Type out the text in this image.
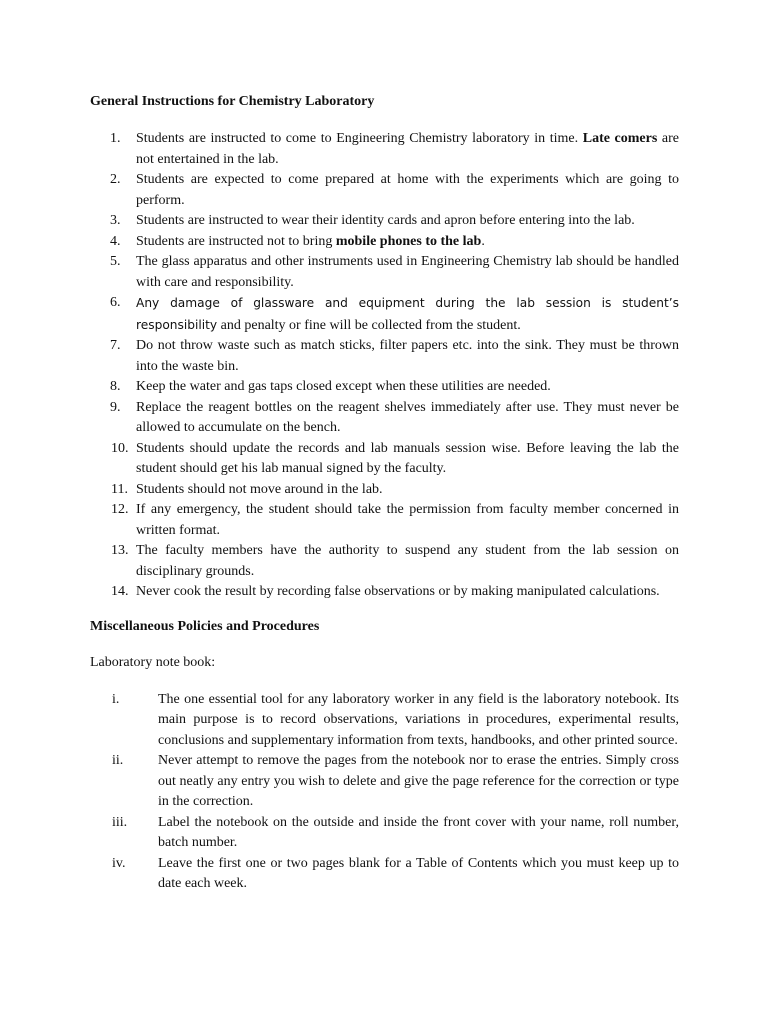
General Instructions for Chemistry Laboratory

1.	Students are instructed to come to Engineering Chemistry laboratory in time. Late comers are not entertained in the lab.
2.	Students are expected to come prepared at home with the experiments which are going to perform.
3.	Students are instructed to wear their identity cards and apron before entering into the lab.
4.	Students are instructed not to bring mobile phones to the lab.
5.	The glass apparatus and other instruments used in Engineering Chemistry lab should be handled with care and responsibility.
6.	Any damage of glassware and equipment during the lab session is student’s responsibility and penalty or fine will be collected from the student.
7.	Do not throw waste such as match sticks, filter papers etc. into the sink. They must be thrown into the waste bin.
8.	Keep the water and gas taps closed except when these utilities are needed.
9.	Replace the reagent bottles on the reagent shelves immediately after use. They must never be allowed to accumulate on the bench.
10. Students should update the records and lab manuals session wise. Before leaving the lab the student should get his lab manual signed by the faculty.
11. Students should not move around in the lab.
12. If any emergency, the student should take the permission from faculty member concerned in written format.
13. The faculty members have the authority to suspend any student from the lab session on disciplinary grounds.
14. Never cook the result by recording false observations or by making manipulated calculations.

Miscellaneous Policies and Procedures

Laboratory note book:

i.	The one essential tool for any laboratory worker in any field is the laboratory notebook. Its main purpose is to record observations, variations in procedures, experimental results, conclusions and supplementary information from texts, handbooks, and other printed source.
ii. Never attempt to remove the pages from the notebook nor to erase the entries. Simply cross out neatly any entry you wish to delete and give the page reference for the correction or type in the correction.
iii. Label the notebook on the outside and inside the front cover with your name, roll number, batch number.
iv. Leave the first one or two pages blank for a Table of Contents which you must keep up to date each week.
